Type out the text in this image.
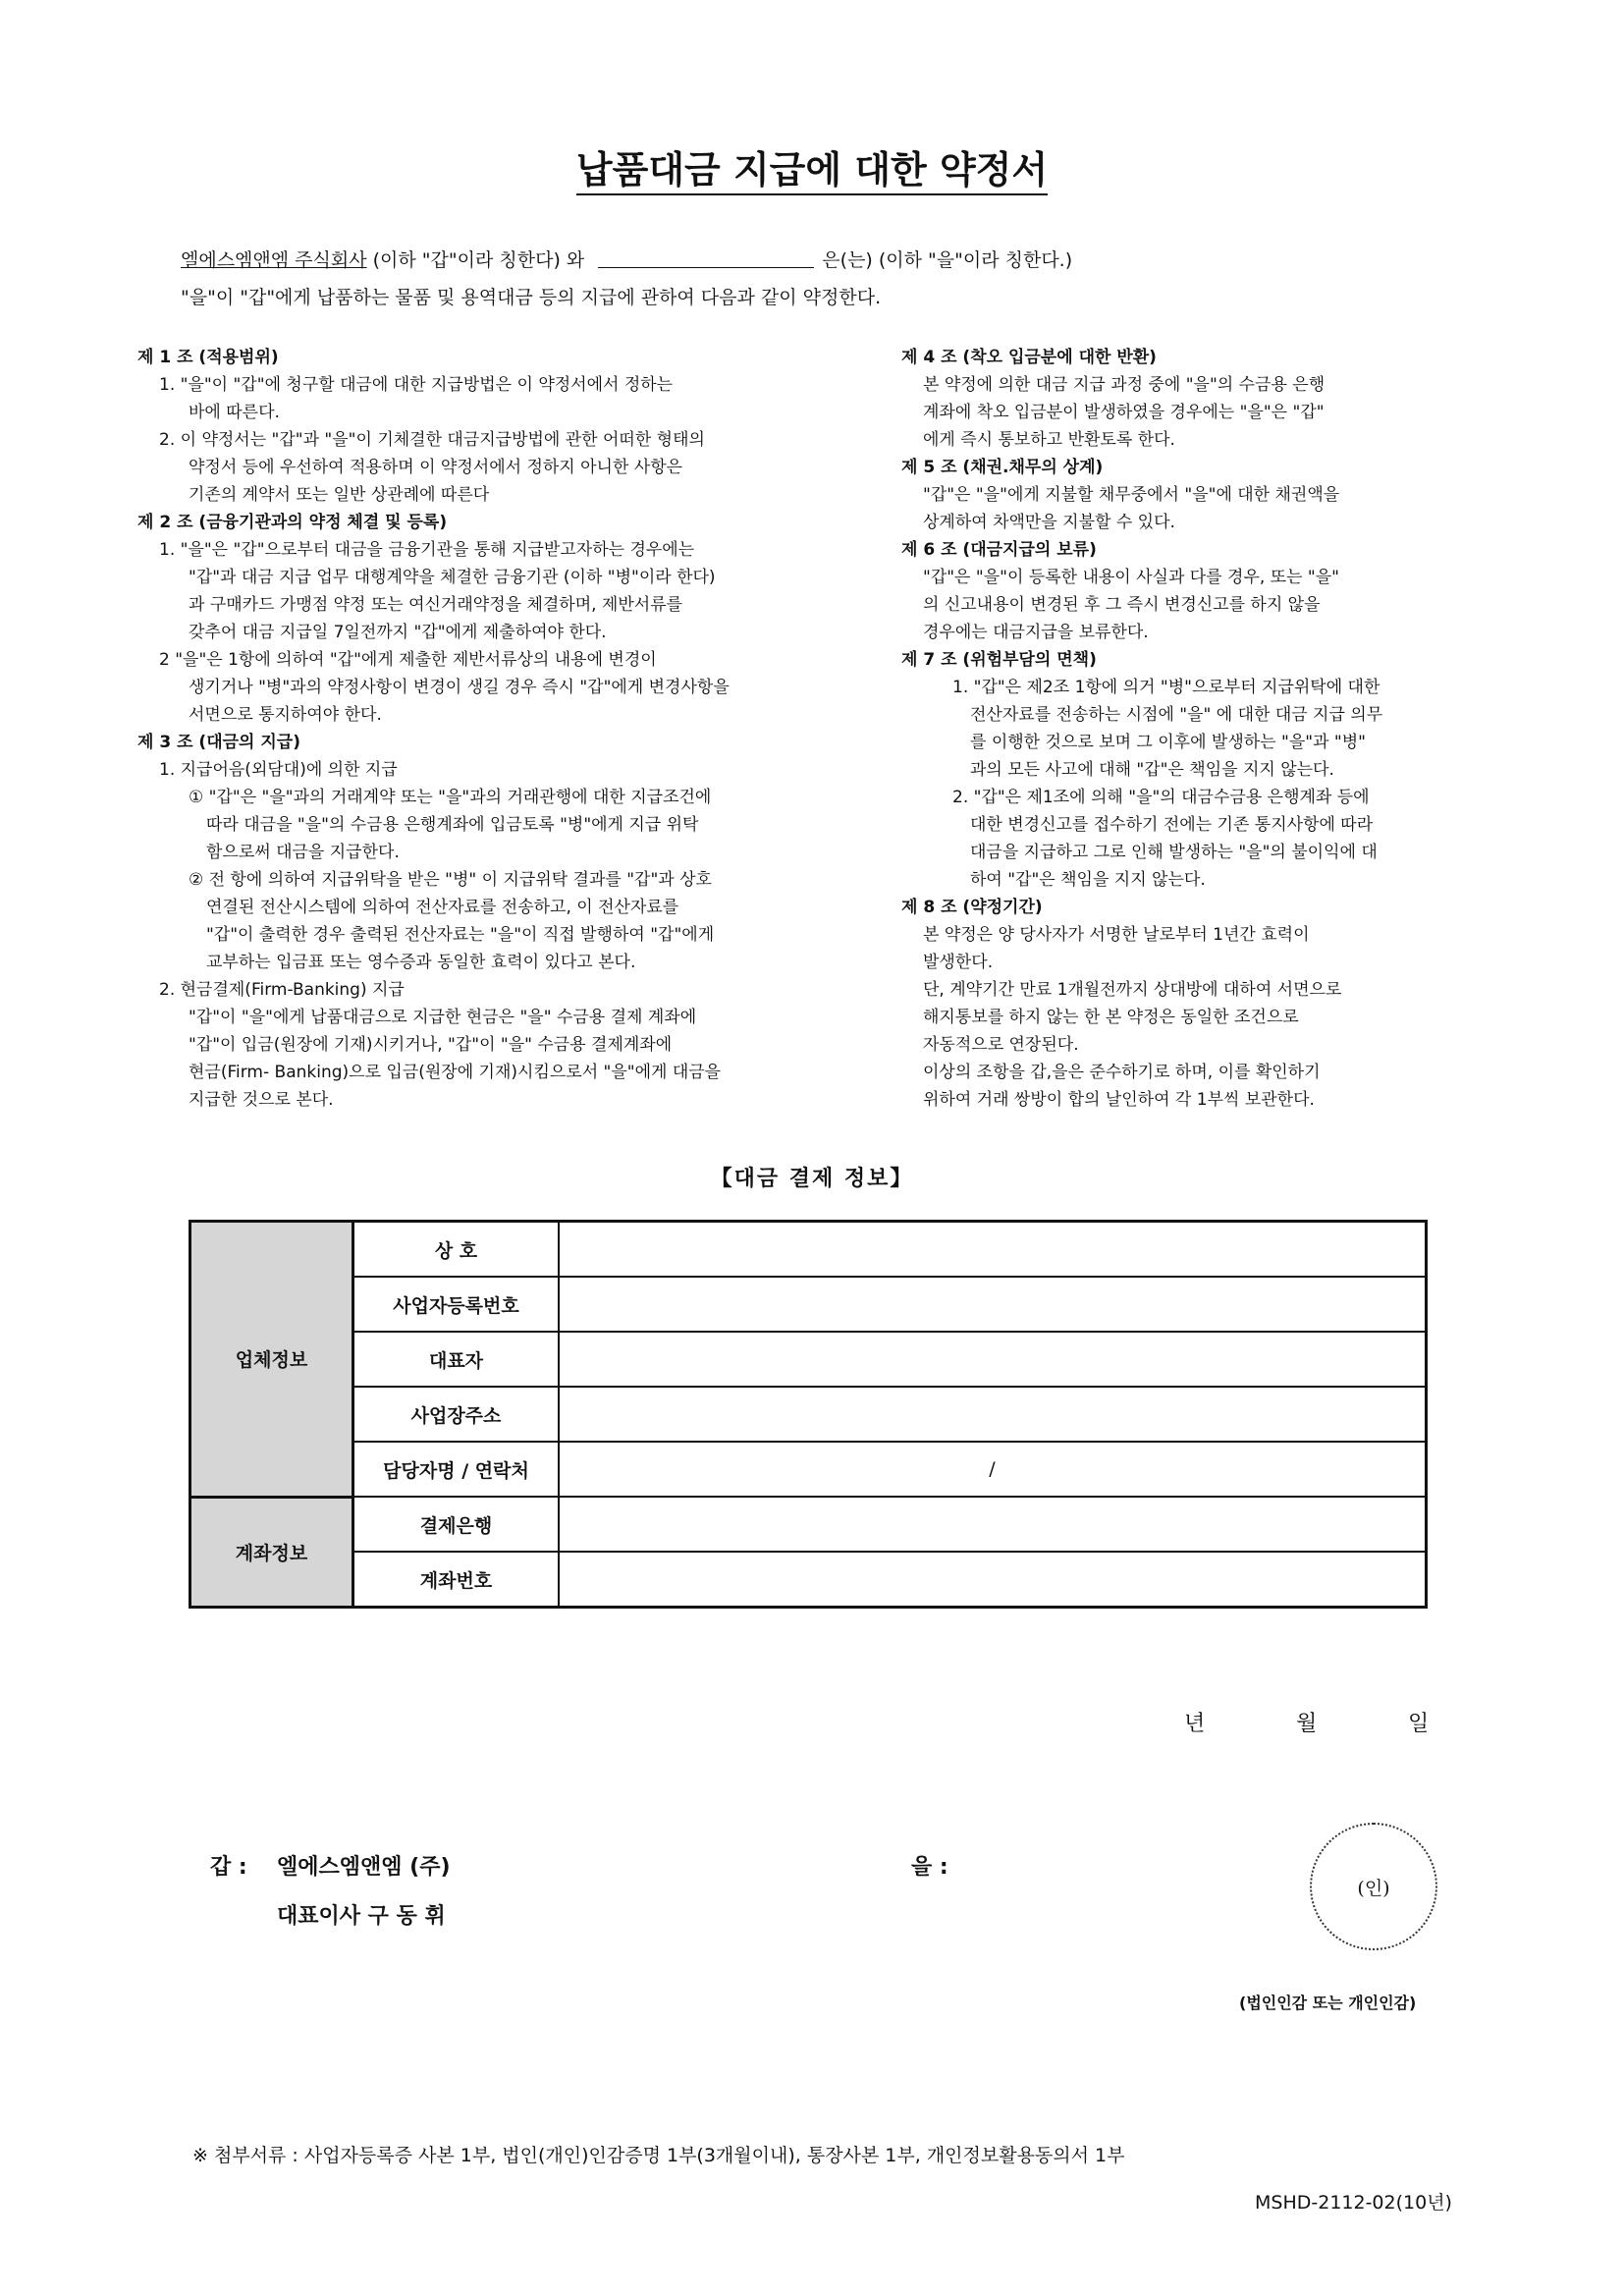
납품대금 지급에 대한 약정서
엘에스엠앤엠 주식회사 (이하 "갑"이라 칭한다) 와	은(는) (이하 "을"이라 칭한다.)
"을"이 "갑"에게 납품하는 물품 및 용역대금 등의 지급에 관하여 다음과 같이 약정한다.
제 1 조 (적용범위)
1. "을"이 "갑"에 청구할 대금에 대한 지급방법은 이 약정서에서 정하는
바에 따른다.
2. 이 약정서는 "갑"과 "을"이 기체결한 대금지급방법에 관한 어떠한 형태의
약정서 등에 우선하여 적용하며 이 약정서에서 정하지 아니한 사항은
기존의 계약서 또는 일반 상관례에 따른다
제 2 조 (금융기관과의 약정 체결 및 등록)
1. "을"은 "갑"으로부터 대금을 금융기관을 통해 지급받고자하는 경우에는
"갑"과 대금 지급 업무 대행계약을 체결한 금융기관 (이하 "병"이라 한다)
과 구매카드 가맹점 약정 또는 여신거래약정을 체결하며, 제반서류를
갖추어 대금 지급일 7일전까지 "갑"에게 제출하여야 한다.
2 "을"은 1항에 의하여 "갑"에게 제출한 제반서류상의 내용에 변경이
생기거나 "병"과의 약정사항이 변경이 생길 경우 즉시 "갑"에게 변경사항을
서면으로 통지하여야 한다.
제 3 조 (대금의 지급)
1. 지급어음(외담대)에 의한 지급
① "갑"은 "을"과의 거래계약 또는 "을"과의 거래관행에 대한 지급조건에
따라 대금을 "을"의 수금용 은행계좌에 입금토록 "병"에게 지급 위탁
함으로써 대금을 지급한다.
② 전 항에 의하여 지급위탁을 받은 "병" 이 지급위탁 결과를 "갑"과 상호
연결된 전산시스템에 의하여 전산자료를 전송하고, 이 전산자료를
"갑"이 출력한 경우 출력된 전산자료는 "을"이 직접 발행하여 "갑"에게
교부하는 입금표 또는 영수증과 동일한 효력이 있다고 본다.
2. 현금결제(Firm-Banking) 지급
"갑"이 "을"에게 납품대금으로 지급한 현금은 "을" 수금용 결제 계좌에
"갑"이 입금(원장에 기재)시키거나, "갑"이 "을" 수금용 결제계좌에
현금(Firm- Banking)으로 입금(원장에 기재)시킴으로서 "을"에게 대금을
지급한 것으로 본다.
제 4 조 (착오 입금분에 대한 반환)
본 약정에 의한 대금 지급 과정 중에 "을"의 수금용 은행
계좌에 착오 입금분이 발생하였을 경우에는 "을"은 "갑"
에게 즉시 통보하고 반환토록 한다.
제 5 조 (채권.채무의 상계)
"갑"은 "을"에게 지불할 채무중에서 "을"에 대한 채권액을
상계하여 차액만을 지불할 수 있다.
제 6 조 (대금지급의 보류)
"갑"은 "을"이 등록한 내용이 사실과 다를 경우, 또는 "을"
의 신고내용이 변경된 후 그 즉시 변경신고를 하지 않을
경우에는 대금지급을 보류한다.
제 7 조 (위험부담의 면책)
1. "갑"은 제2조 1항에 의거 "병"으로부터 지급위탁에 대한
전산자료를 전송하는 시점에 "을" 에 대한 대금 지급 의무
를 이행한 것으로 보며 그 이후에 발생하는 "을"과 "병"
과의 모든 사고에 대해 "갑"은 책임을 지지 않는다.
2. "갑"은 제1조에 의해 "을"의 대금수금용 은행계좌 등에
대한 변경신고를 접수하기 전에는 기존 통지사항에 따라
대금을 지급하고 그로 인해 발생하는 "을"의 불이익에 대
하여 "갑"은 책임을 지지 않는다.
제 8 조 (약정기간)
본 약정은 양 당사자가 서명한 날로부터 1년간 효력이
발생한다.
단, 계약기간 만료 1개월전까지 상대방에 대하여 서면으로
해지통보를 하지 않는 한 본 약정은 동일한 조건으로
자동적으로 연장된다.
이상의 조항을 갑,을은 준수하기로 하며, 이를 확인하기
위하여 거래 쌍방이 합의 날인하여 각 1부씩 보관한다.
【대금 결제 정보】
업체정보	상 호	
	사업자등록번호	
	대표자	
	사업장주소	
	담당자명 / 연락처	/
계좌정보	결제은행	
	계좌번호	
년	월	일
갑 : 엘에스엠앤엠 (주)
대표이사 구 동 휘
을 :
(인)
(법인인감 또는 개인인감)
※ 첨부서류 : 사업자등록증 사본 1부, 법인(개인)인감증명 1부(3개월이내), 통장사본 1부, 개인정보활용동의서 1부
MSHD-2112-02(10년)
